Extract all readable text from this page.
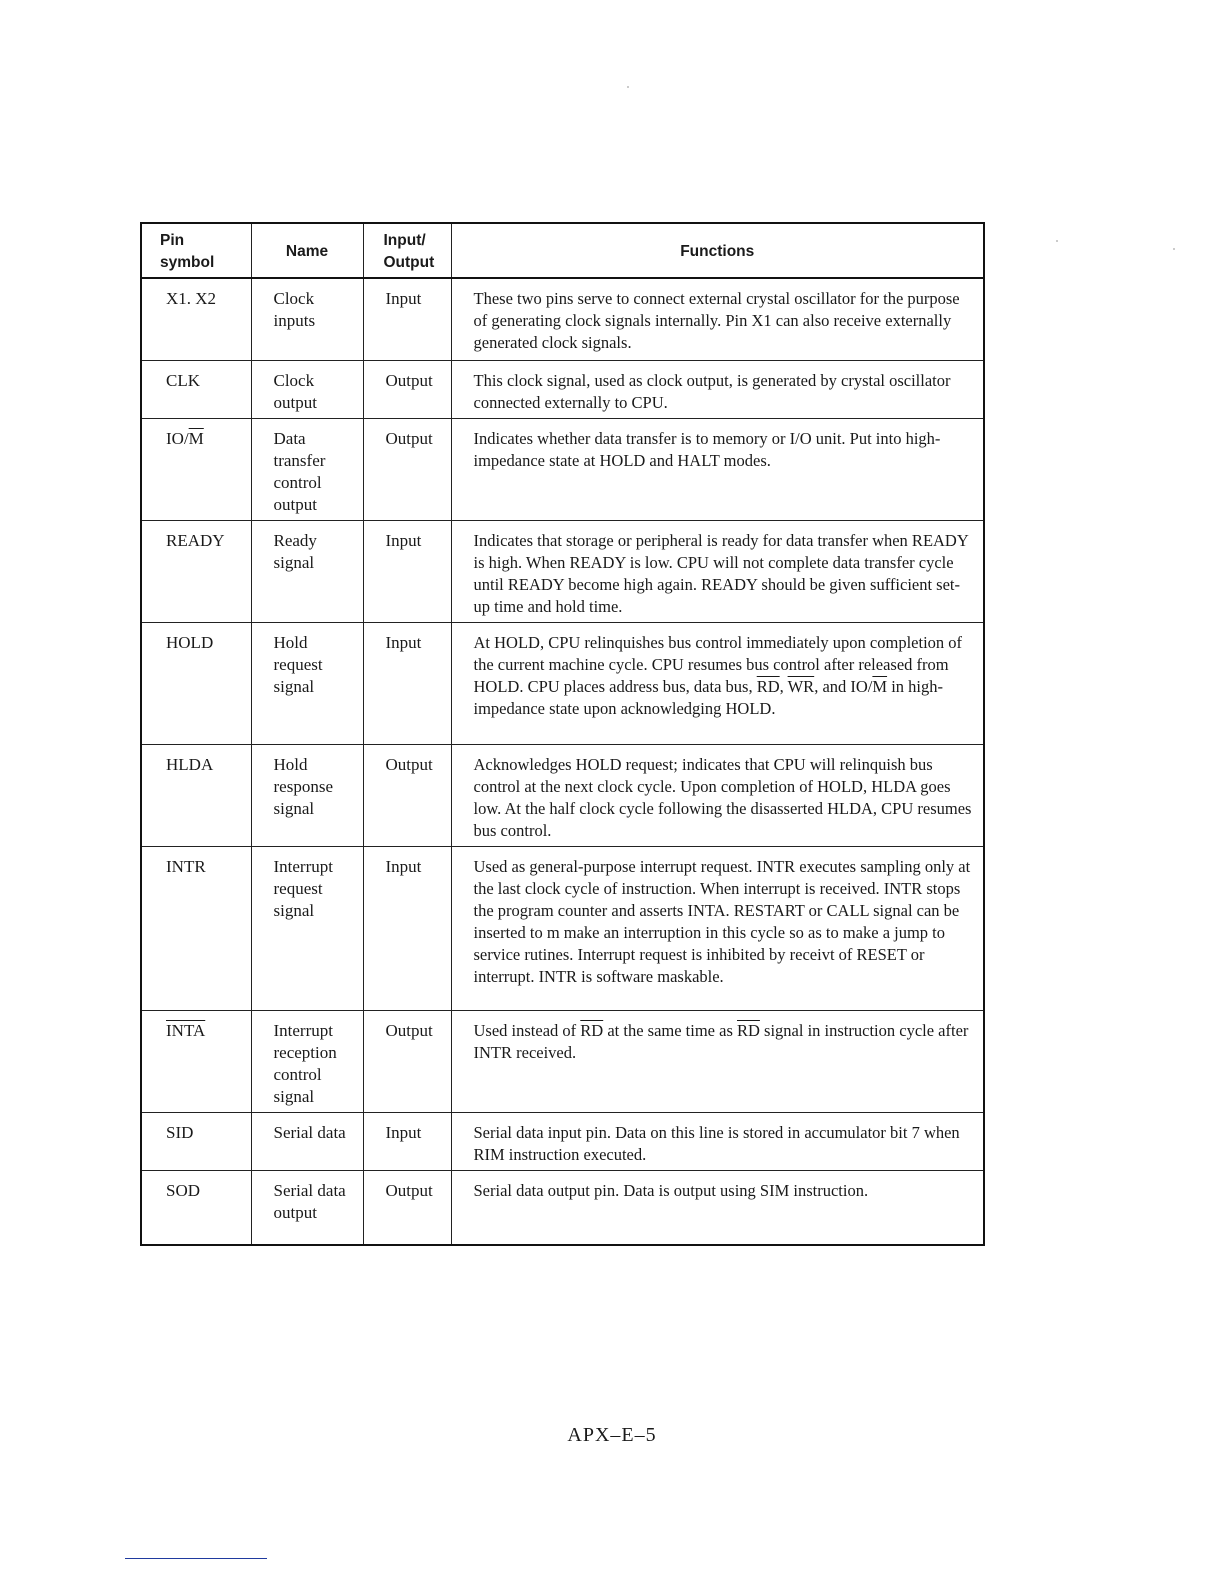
Pin symbol	Name	Input/ Output	Functions
X1. X2	Clock inputs	Input	These two pins serve to connect external crystal oscillator for the purpose of generating clock signals internally. Pin X1 can also receive externally generated clock signals.
CLK	Clock output	Output	This clock signal, used as clock output, is generated by crystal oscillator connected externally to CPU.
$IO/\overline{M}$	Data transfer control output	Output	Indicates whether data transfer is to memory or I/O unit. Put into high-impedance state at HOLD and HALT modes.
READY	Ready signal	Input	Indicates that storage or peripheral is ready for data transfer when READY is high. When READY is low. CPU will not complete data transfer cycle until READY become high again. READY should be given sufficient set-up time and hold time.
HOLD	Hold request signal	Input	At HOLD, CPU relinquishes bus control immediately upon completion of the current machine cycle. CPU resumes bus control after released from HOLD. CPU places address bus, data bus, $\overline{RD}$, $\overline{WR}$, and $IO/\overline{M}$ in high-impedance state upon acknowledging HOLD.
HLDA	Hold response signal	Output	Acknowledges HOLD request; indicates that CPU will relinquish bus control at the next clock cycle. Upon completion of HOLD, HLDA goes low. At the half clock cycle following the disasserted HLDA, CPU resumes bus control.
INTR	Interrupt request signal	Input	Used as general-purpose interrupt request. INTR executes sampling only at the last clock cycle of instruction. When interrupt is received. INTR stops the program counter and asserts INTA. RESTART or CALL signal can be inserted to m make an interruption in this cycle so as to make a jump to service rutines. Interrupt request is inhibited by receivt of RESET or interrupt. INTR is software maskable.
INTA	Interrupt reception control signal	Output	Used instead of $\overline{RD}$ at the same time as $\overline{RD}$ signal in instruction cycle after INTR received.
SID	Serial data	Input	Serial data input pin. Data on this line is stored in accumulator bit 7 when RIM instruction executed.
SOD	Serial data output	Output	Serial data output pin. Data is output using SIM instruction.
APX–E–5
